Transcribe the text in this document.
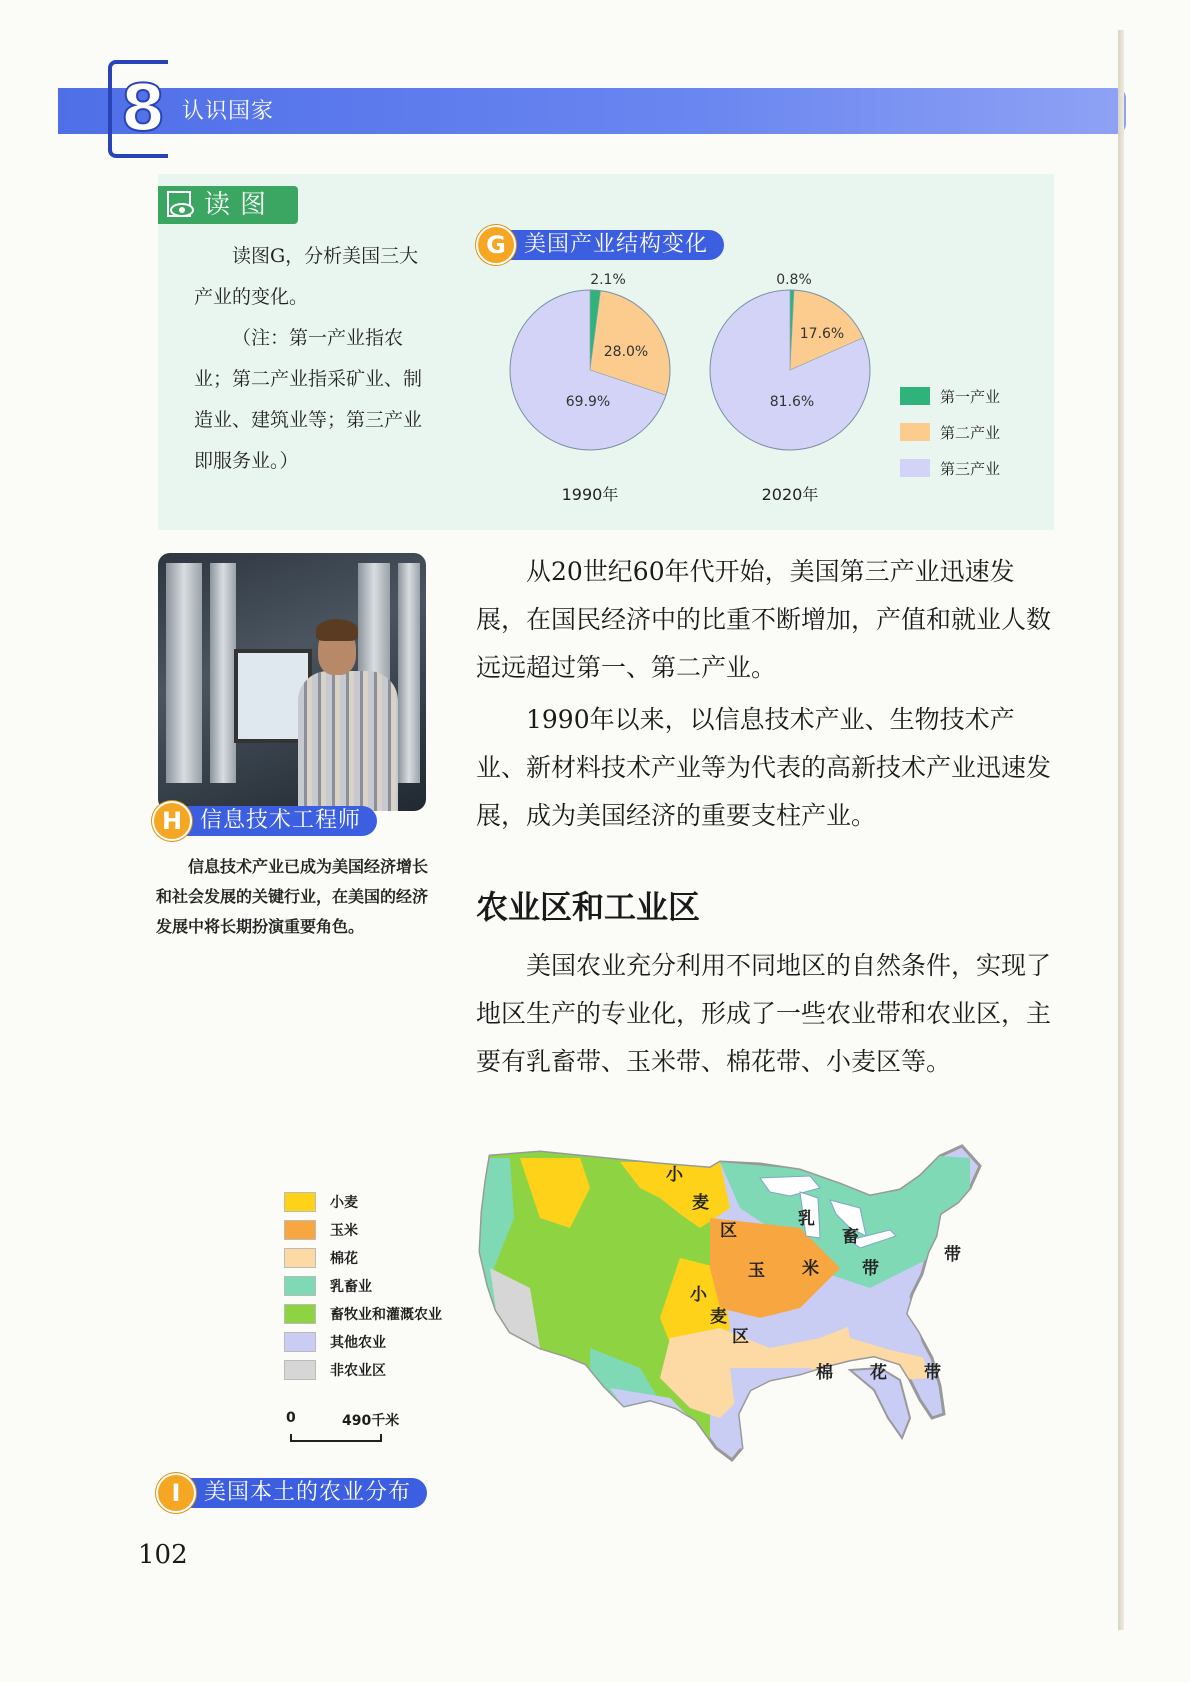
8 认识国家
读图

读图G，分析美国三大产业的变化。

（注：第一产业指农业；第二产业指采矿业、制造业、建筑业等；第三产业即服务业。）

G 美国产业结构变化
2.1%
28.0%
69.9%
1990年
0.8%
17.6%
81.6%
2020年
第一产业
第二产业
第三产业
H 信息技术工程师

信息技术产业已成为美国经济增长和社会发展的关键行业，在美国的经济发展中将长期扮演重要角色。

从20世纪60年代开始，美国第三产业迅速发展，在国民经济中的比重不断增加，产值和就业人数远远超过第一、第二产业。

1990年以来，以信息技术产业、生物技术产业、新材料技术产业等为代表的高新技术产业迅速发展，成为美国经济的重要支柱产业。

农业区和工业区

美国农业充分利用不同地区的自然条件，实现了地区生产的专业化，形成了一些农业带和农业区，主要有乳畜带、玉米带、棉花带、小麦区等。

小麦
玉米
棉花
乳畜业
畜牧业和灌溉农业
其他农业
非农业区
0	490千米
小
麦
区
乳
畜
带
玉 米	带
小
麦
区
棉 花 带
I	美国本土的农业分布
102
